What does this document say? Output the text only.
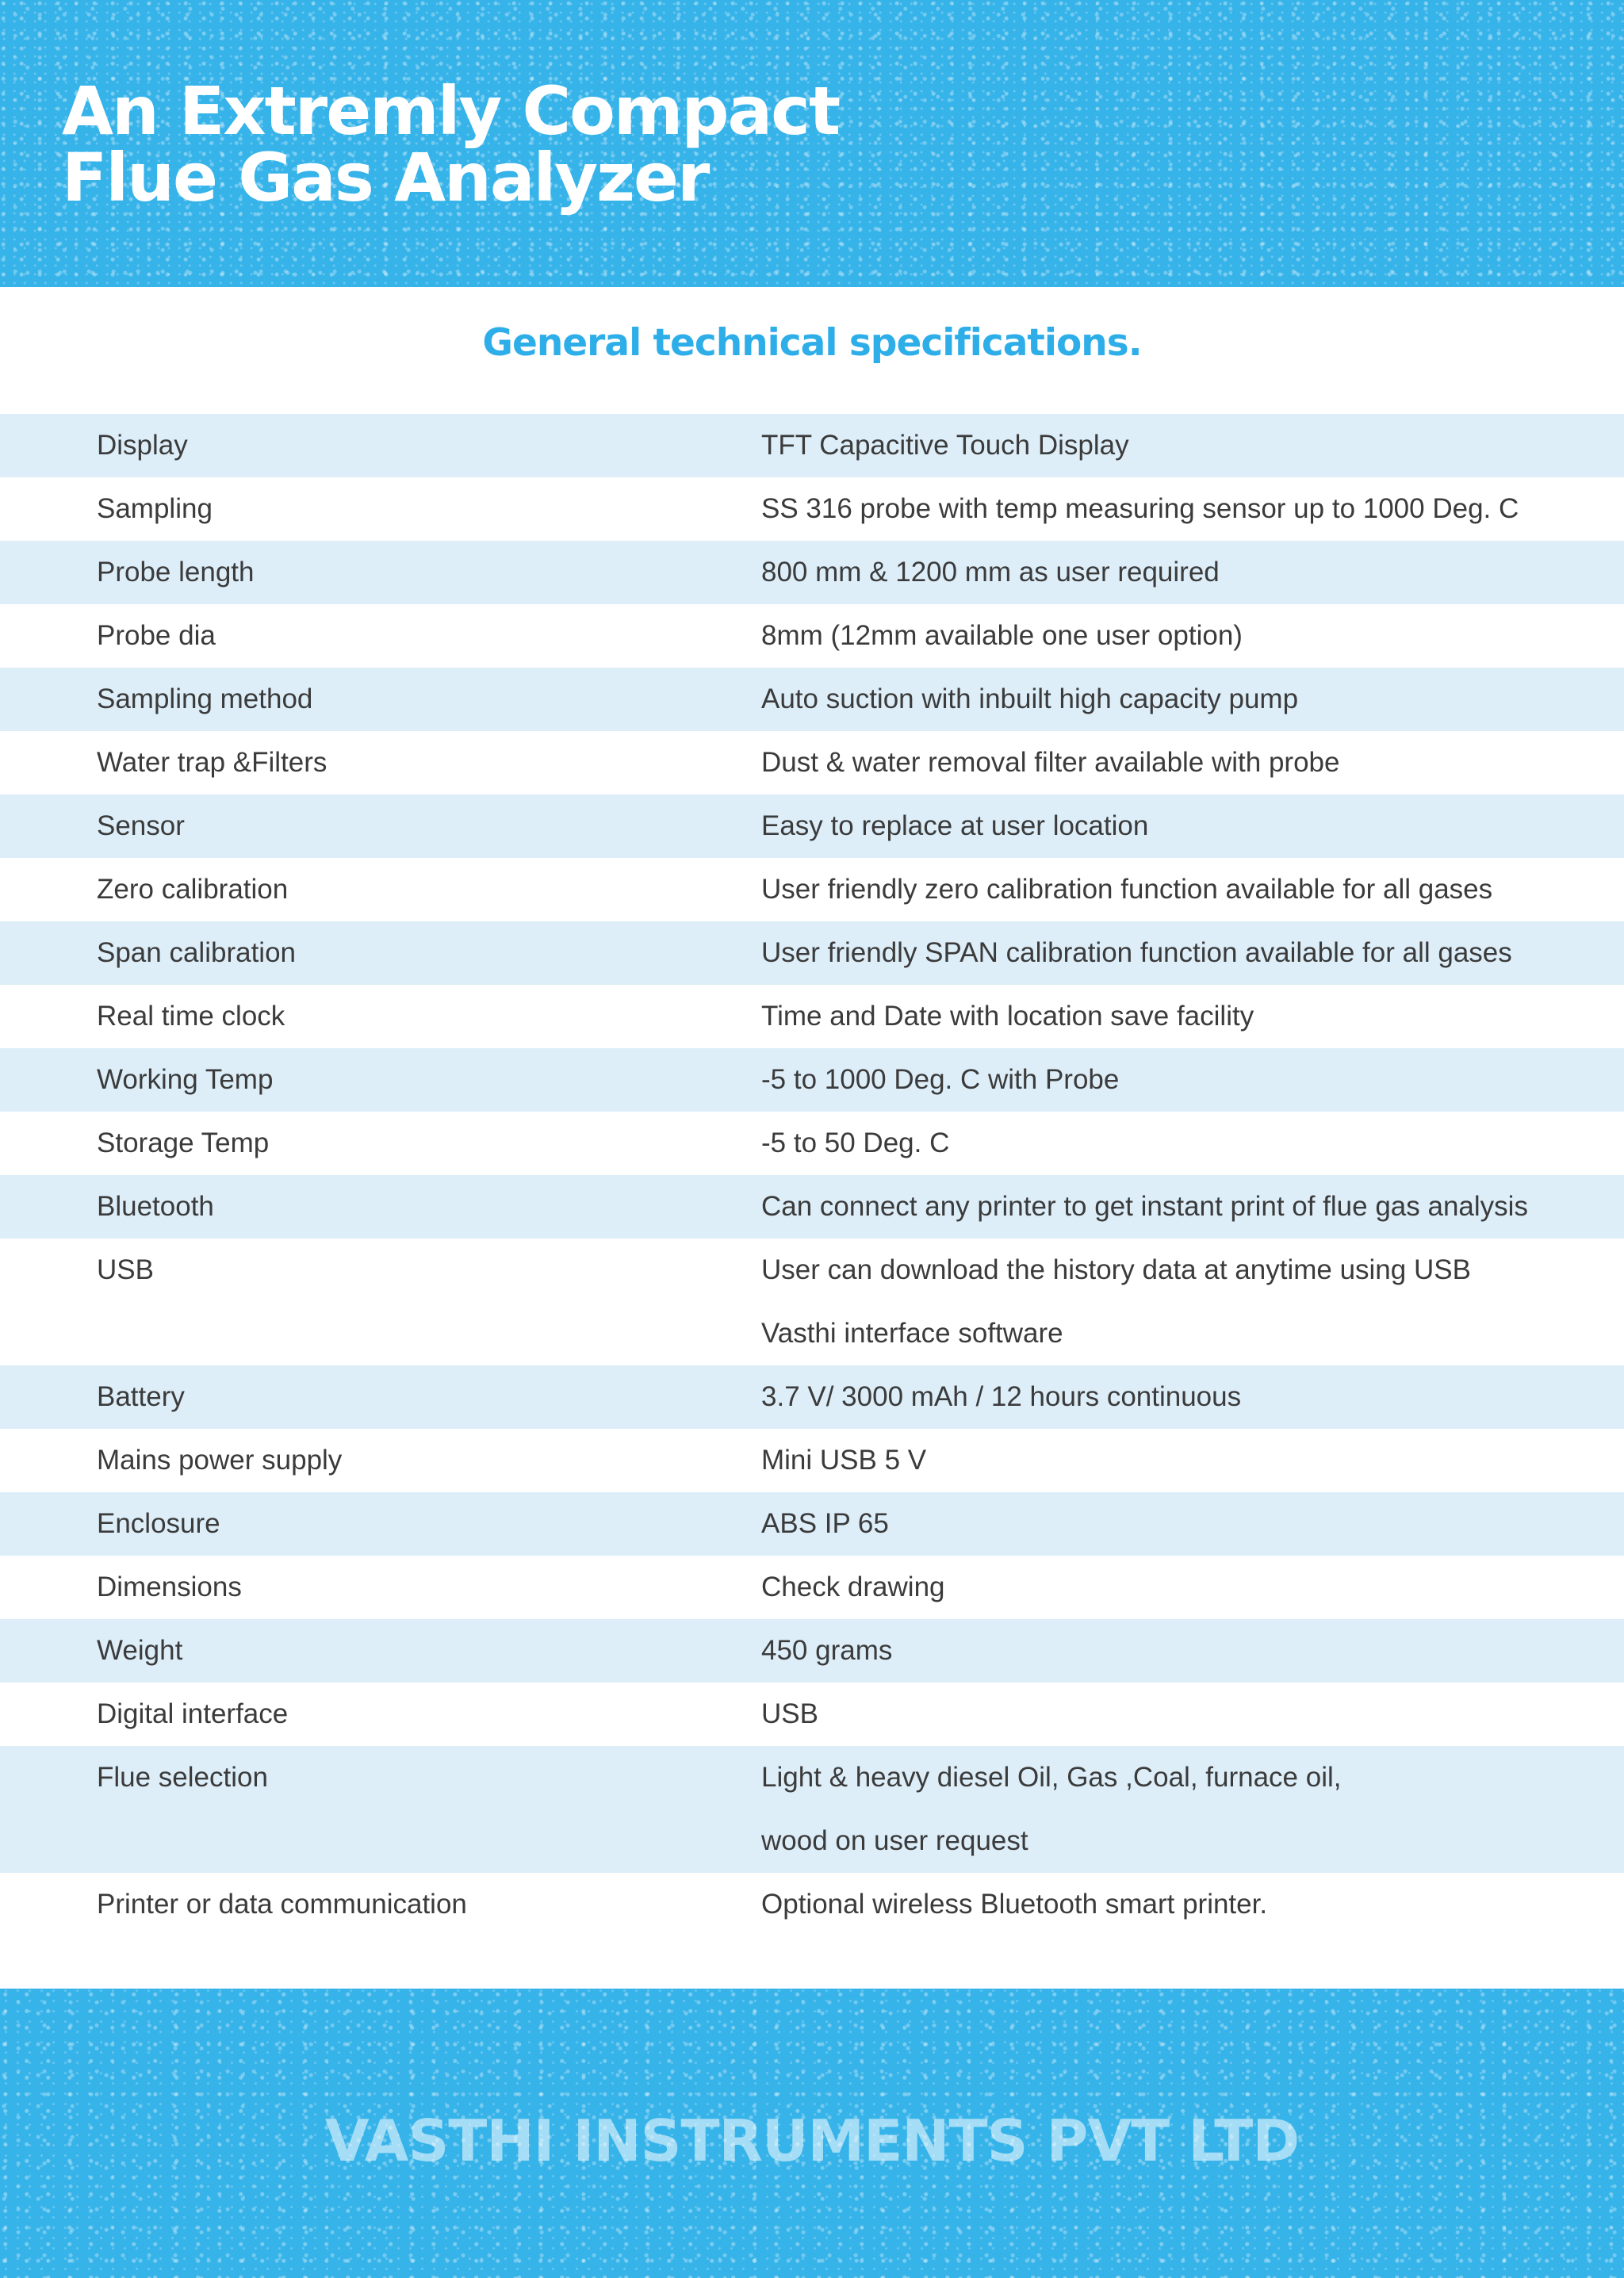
An Extremly Compact
Flue Gas Analyzer
General technical specifications.
Display	TFT Capacitive Touch Display
Sampling	SS 316 probe with temp measuring sensor up to 1000 Deg. C
Probe length	800 mm & 1200 mm as user required
Probe dia	8mm (12mm available one user option)
Sampling method	Auto suction with inbuilt high capacity pump
Water trap &Filters	Dust & water removal filter available with probe
Sensor	Easy to replace at user location
Zero calibration	User friendly zero calibration function available for all gases
Span calibration	User friendly SPAN calibration function available for all gases
Real time clock	Time and Date with location save facility
Working Temp	-5 to 1000 Deg. C with Probe
Storage Temp	-5 to 50 Deg. C
Bluetooth	Can connect any printer to get instant print of flue gas analysis
USB	User can download the history data at anytime using USB
	Vasthi interface software
Battery	3.7 V/ 3000 mAh / 12 hours continuous
Mains power supply	Mini USB 5 V
Enclosure	ABS IP 65
Dimensions	Check drawing
Weight	450 grams
Digital interface	USB
Flue selection	Light & heavy diesel Oil, Gas ,Coal, furnace oil,
	wood on user request
Printer or data communication	Optional wireless Bluetooth smart printer.

VASTHI INSTRUMENTS PVT LTD
